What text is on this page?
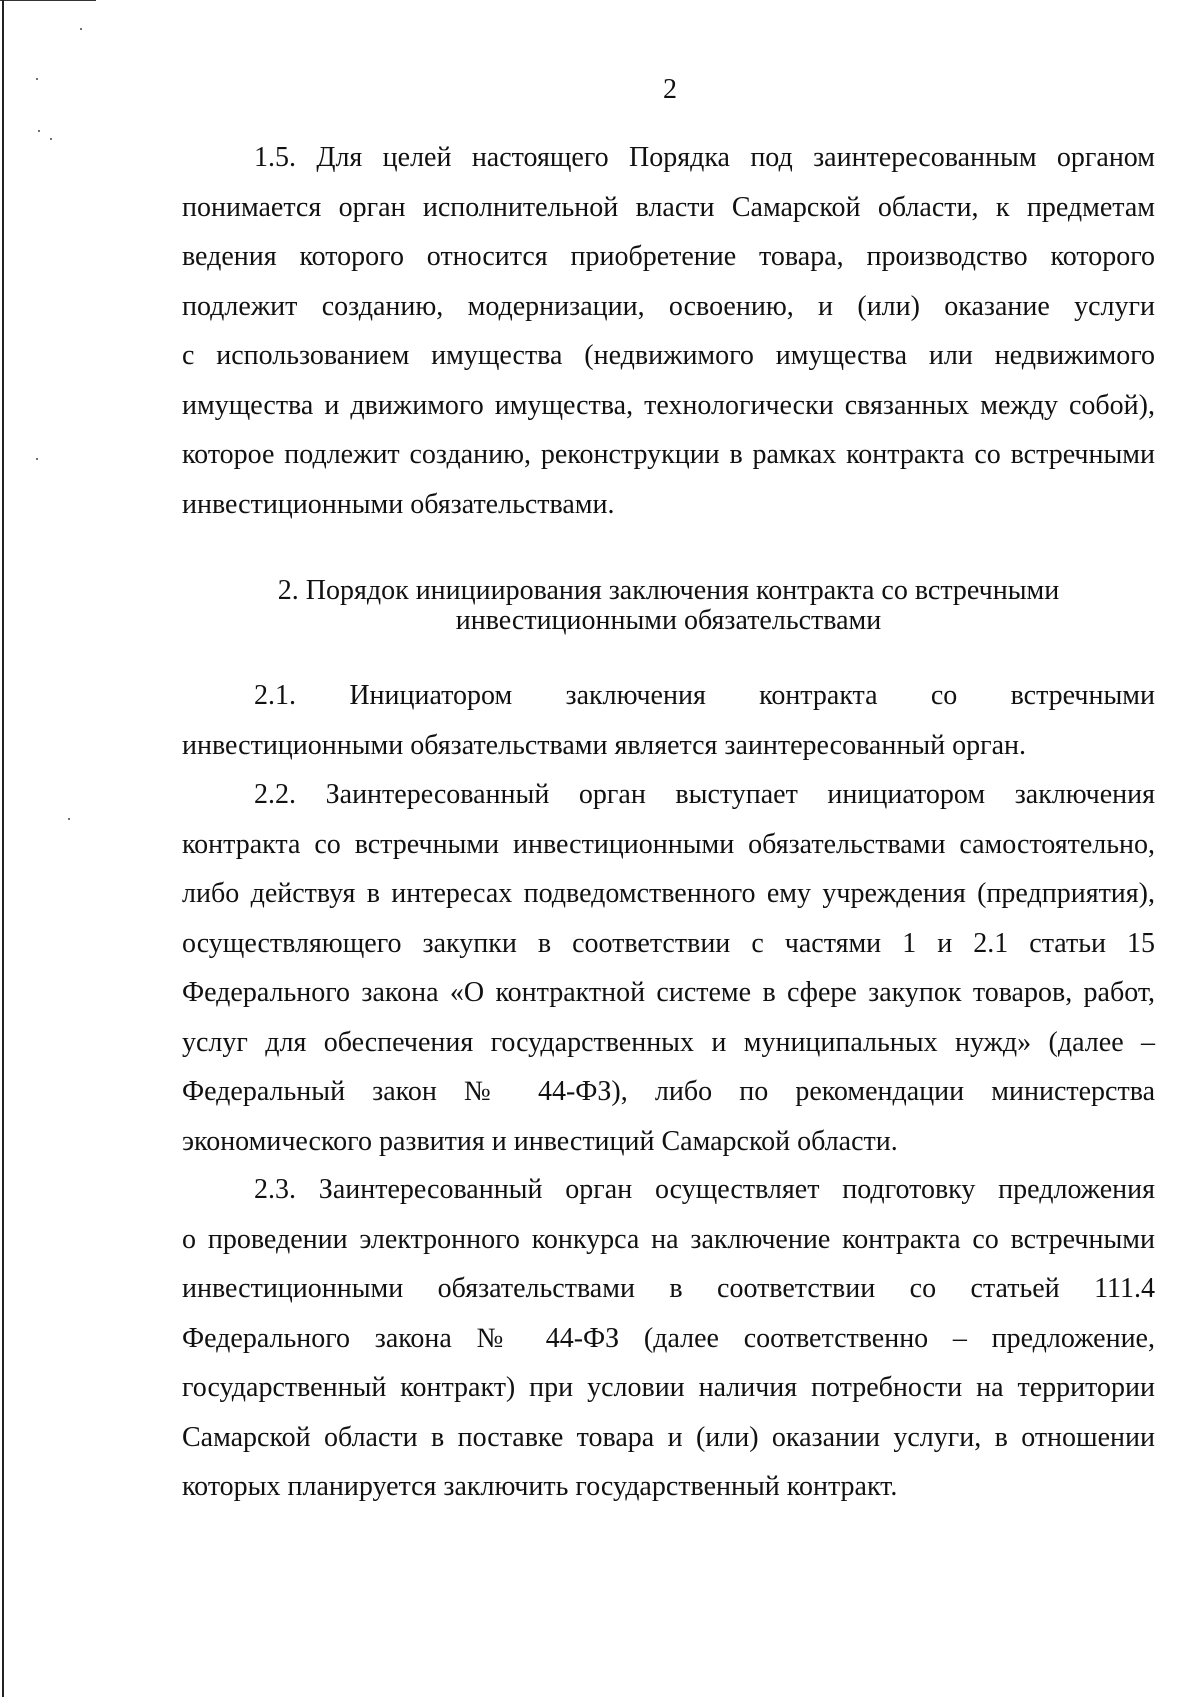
2
1.5. Для целей настоящего Порядка под заинтересованным органом
понимается орган исполнительной власти Самарской области, к предметам
ведения которого относится приобретение товара, производство которого
подлежит созданию, модернизации, освоению, и (или) оказание услуги
с использованием имущества (недвижимого имущества или недвижимого
имущества и движимого имущества, технологически связанных между собой),
которое подлежит созданию, реконструкции в рамках контракта со встречными
инвестиционными обязательствами.
2. Порядок инициирования заключения контракта со встречными
инвестиционными обязательствами
2.1. Инициатором заключения контракта со встречными
инвестиционными обязательствами является заинтересованный орган.
2.2. Заинтересованный орган выступает инициатором заключения
контракта со встречными инвестиционными обязательствами самостоятельно,
либо действуя в интересах подведомственного ему учреждения (предприятия),
осуществляющего закупки в соответствии с частями 1 и 2.1 статьи 15
Федерального закона «О контрактной системе в сфере закупок товаров, работ,
услуг для обеспечения государственных и муниципальных нужд» (далее –
Федеральный закон № 44-ФЗ), либо по рекомендации министерства
экономического развития и инвестиций Самарской области.
2.3. Заинтересованный орган осуществляет подготовку предложения
о проведении электронного конкурса на заключение контракта со встречными
инвестиционными обязательствами в соответствии со статьей 111.4
Федерального закона № 44-ФЗ (далее соответственно – предложение,
государственный контракт) при условии наличия потребности на территории
Самарской области в поставке товара и (или) оказании услуги, в отношении
которых планируется заключить государственный контракт.
